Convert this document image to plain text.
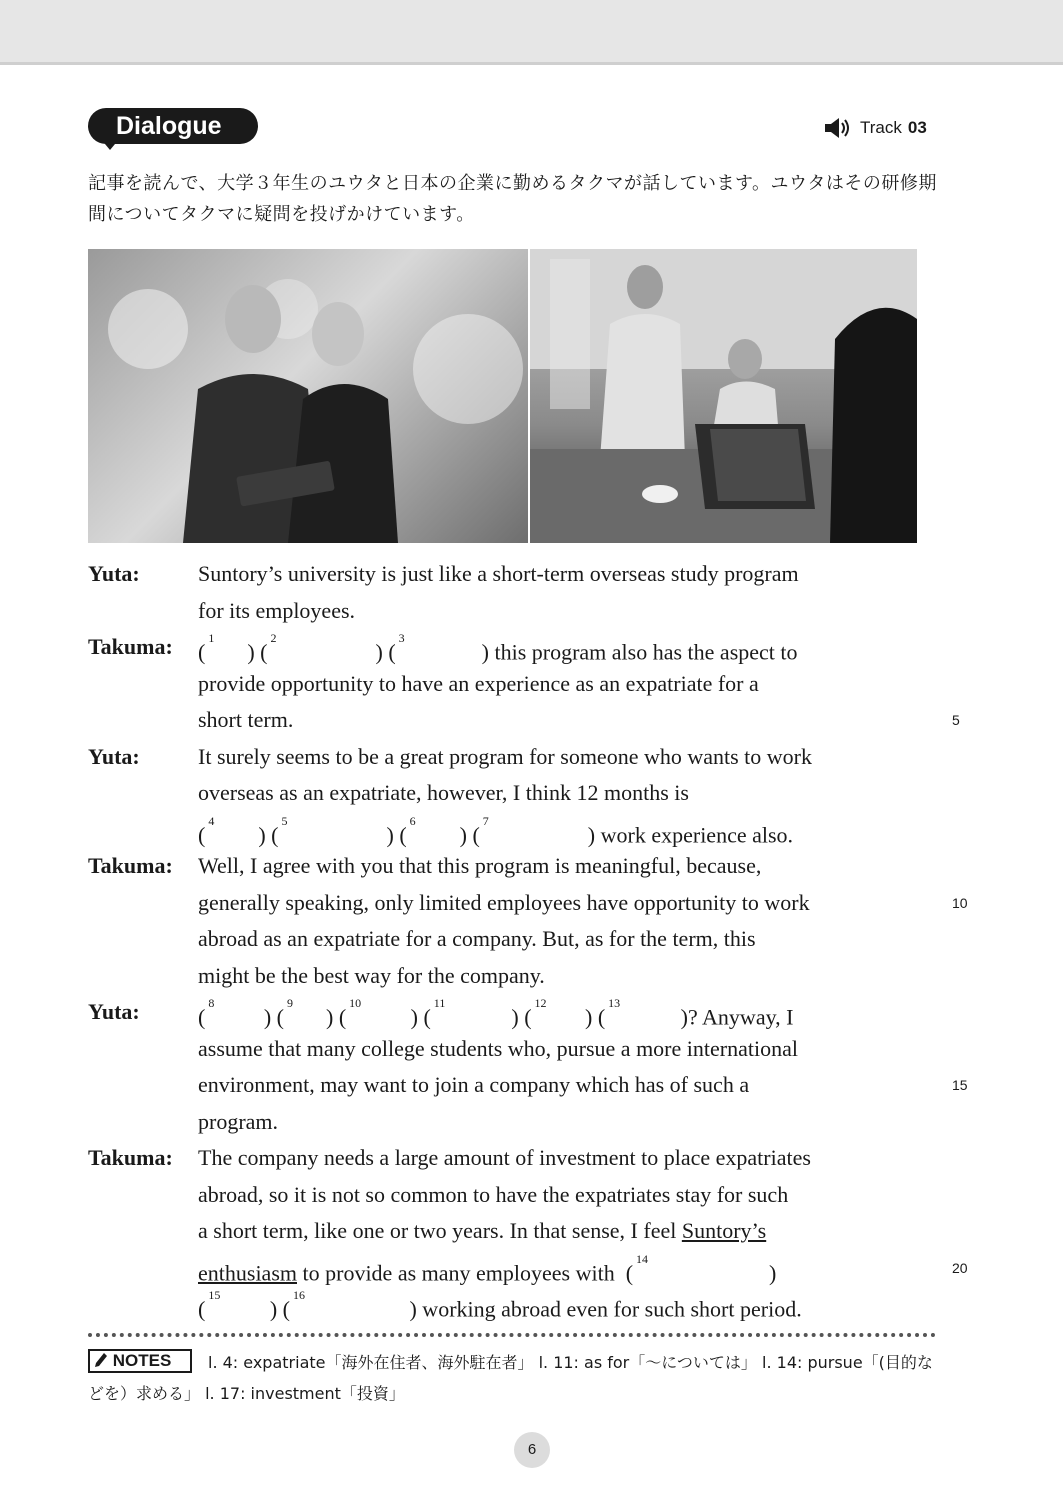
Dialogue	Track 03
記事を読んで、大学３年生のユウタと日本の企業に勤めるタクマが話しています。ユウタはその研修期間についてタクマに疑問を投げかけています。
Yuta:	Suntory’s university is just like a short-term overseas study program
for its employees.
Takuma: ($^1$      ) ($^2$                  ) ($^3$              ) this program also has the aspect to
provide opportunity to have an experience as an expatriate for a
short term.	5
Yuta:	It surely seems to be a great program for someone who wants to work
overseas as an expatriate, however, I think 12 months is
($^4$        ) ($^5$                  ) ($^6$        ) ($^7$                  ) work experience also.
Takuma: Well, I agree with you that this program is meaningful, because,
generally speaking, only limited employees have opportunity to work	10
abroad as an expatriate for a company. But, as for the term, this
might be the best way for the company.
Yuta:	($^8$         ) ($^9$      ) ($^{10}$         ) ($^{11}$            ) ($^{12}$       ) ($^{13}$           )? Anyway, I
assume that many college students who, pursue a more international
environment, may want to join a company which has of such a	15
program.
Takuma: The company needs a large amount of investment to place expatriates
abroad, so it is not so common to have the expatriates stay for such
a short term, like one or two years. In that sense, I feel Suntory’s
enthusiasm to provide as many employees with  ($^{14}$                      )	20
($^{15}$         ) ($^{16}$                   ) working abroad even for such short period.
NOTES	l. 4: expatriate「海外在住者、海外駐在者」 l. 11: as for「〜については」 l. 14: pursue「(目的などを）求める」 l. 17: investment「投資」
6
